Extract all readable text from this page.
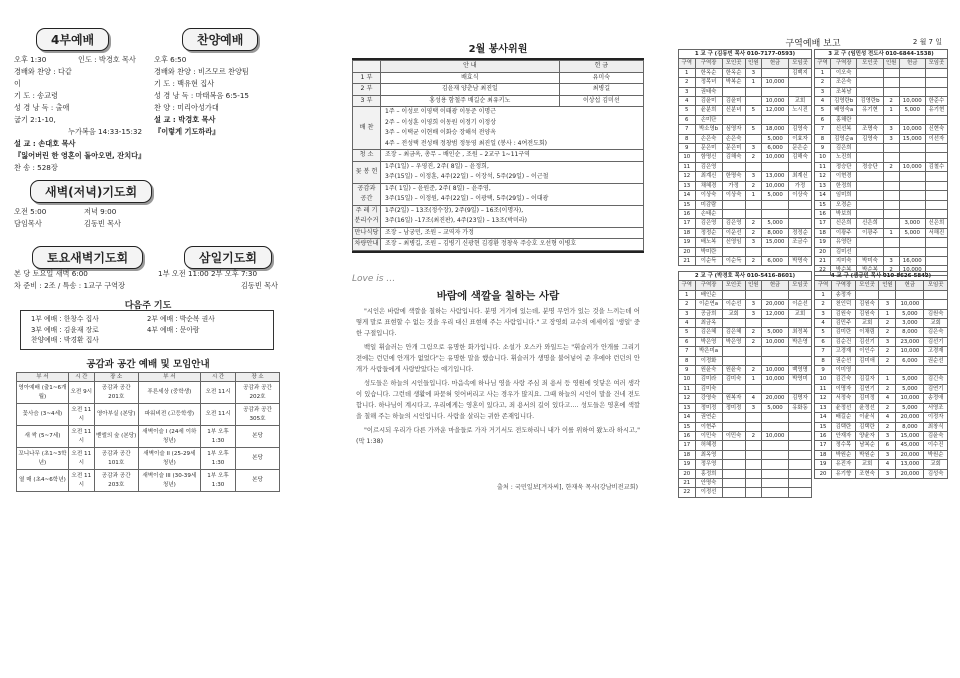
4부예배
오후 1:30	인도 : 박경호 목사
경배와 찬양 : 다같이
기 도 : 송교령
성 경 낭 독 : 출애굽기 2:1-10,
누가복음 14:33-15:32
설 교 : 손대호 목사
『잃어버린 한 영혼이 돌아오면, 잔치다』
찬 송 : 528장
찬양예배
오후 6:50
경배와 찬양 : 비즈모르 찬양팀
기 도 : 백유현 집사
성 경 낭 독 : 마태복음 6:5-15
찬 양 : 미리아성가대
설 교 : 박경호 목사
『이렇게 기도하라』
새벽(저녁)기도회
오전 5:00	저녁 9:00
담임목사	김동빈 목사
토요새벽기도회	삼일기도회
본 당 토요일 새벽 6:00
차 준비 : 2조 / 특송 : 1교구 구역장
1부 오전 11:00 2부 오후 7:30
김동빈 목사
다음주 기도
1부 예배 : 한창수 집사	2부 예배 : 박순복 권사
3부 예배 : 김윤재 장로	4부 예배 : 문아람
찬양예배 : 박경환 집사
공감과 공간 예배 및 모임안내
부 서	시 간	장 소	부 서	시 간	장 소
영아예배 (출1~6개월)	오전 9시	공감과 공간 201호	푸른세상 (중학생)	오전 11시	공감과 공간 202호
꽃사슴 (3~4세)	오전 11시	영아부실 (본당)	파워비전 (고등학생)	오전 11시	공감과 공간 305호
새 싹 (5~7세)	오전 11시	벧엘의 숲 (본당)	새벽이슬 I (24세 이하 청년)	1부 오후 1:30	본당
꼬니나무 (초1~3학년)	오전 11시	공감과 공간 101호	새벽이슬 II (25-29세 청년)	1부 오후 1:30	본당
열 매 (초4~6학년)	오전 11시	공감과 공간 203호	새벽이슬 III (30-39세 청년)	1부 오후 1:30	본당
2월 봉사위원
	안 내	헌 금
1 부	배효식	유미숙
2 부	김윤재 양춘남 최진일	최병길
3 부	홍성용 함철주 배길순 최유키노	이상섭 김미선
배 찬	1주 – 이성로 이영택 이태광 이동준 이명근
2주 – 이성훈 이영희 이동원 이정기 이정상
3주 – 이택균 이현배 이화승 장해석 전양옥
4주 – 전성택 전성배 정창범 정동영 최진일 (봉사 : 4여전도회)	

청 소	조장 – 최금옥, 총무 – 배인순 , 조원 – 2교구 1~11구역	

꽃 봉 헌	1주(1일) – 우영진, 2주( 8일) – 윤정희,
3주(15일) – 이정훈, 4주(22일) – 이장석, 5주(29일) – 이근철	

공감과 공간	1주( 1일) – 윤원준, 2주( 8일) – 윤주영,
3주(15일) – 이정원, 4주(22일) – 이광택, 5주(29일) – 이대광	

주 레 기 분리수거	1주(2일) – 13조(정수장), 2주(9일) – 16조(이명자),
3주(16일) –17조(최진판), 4주(23일) – 13조(박미라)	

만나식당	조장 – 남궁민, 조원 – 교역자 가정	

차량안내	조장 – 최병길, 조원 – 김병기 신광현 김경환 정창욱 주승호 오선형 이병호	
Love is …
바람에 색깔을 칠하는 사람

"시인은 바람에 색깔을 칠하는 사람입니다. 분명 거기에 있는데, 분명 무언가 있는 것을 느끼는데 어떻게 말로 표현할 수 없는 것을 우리 대신 표현해 주는 사람입니다." 고 장영희 교수의 에세이집 '생일' 중 한 구절입니다.

백일 휘슬러는 안개 그림으로 유명한 화가입니다. 소설가 오스카 와일드는 "휘슬러가 안개를 그리기 전에는 런던에 안개가 없었다"는 유명한 말을 했습니다. 휘슬러가 생명을 불어넣어 준 후에야 런던의 안개가 사람들에게 사랑받았다는 얘기입니다.

성도들은 하늘의 시인들입니다. 마음속에 하나님 영을 사랑 주심 죄 용서 등 영원에 잇닿은 여러 생각이 있습니다. 그런데 생활에 파묻혀 잊어버리고 사는 경우가 많지요. 그때 하늘의 시인이 말을 건네 전도합니다. 하나님이 계시다고, 우리에게는 영혼이 있다고, 죄 용서의 길이 있다고…. 성도들은 영혼에 색깔을 칠해 주는 하늘의 시인입니다. 사람을 살리는 귀한 존재입니다.

"이르시되 우리가 다른 가까운 마을들로 가자 거기서도 전도하리니 내가 이를 위하여 왔노라 하시고," (막 1:38)

출처 : 국민일보[겨자씨], 한재욱 목사(강남비전교회)
구역예배 보고	2 월 7 일
1 교 구 (김동빈 목사 010-7177-0593)					
구역	구역장	모인곳	인원	헌금	모임곳
1	한옥순	한옥순	3		김백지
2	정목녀	박복순	1	10,000	
3	권태숙				
4	김윤미	김윤미		10,000	교회
5	윤분희	신분녀	5	12,000	노시진
6	손미단				
7	박소영b	심영자	5	18,000	김영숙
8	손은숙	손은숙		5,000	이효자
9	문은미	문은미	3	6,000	문은순
10	함명신	김해숙	2	10,000	김해숙
11	김은영				
12	최계신	한명숙	3	13,000	최계신
13	채혜경	가정	2	10,000	가정
14	이상숙	이상숙	1	5,000	이상숙
15	미감람				
16	손태순				
17	김은영	김은영	2	5,000	
18	정정순	이운선	2	8,000	정정순
19	배노복	신영임	3	15,000	조금수
20	박미란				
21	이순득	이순득	2	6,000	박명숙
3 교 구 (임민성 전도사 010-6844-1538)					
구역	구역장	모인곳	인원	헌금	모임곳
1	이오숙				
2	조은숙				
3	조복남				
4	김영란b	김영란b	2	10,000	한준수
5	배영숙a	유기현	1	5,000	유기현
6	홍해란				
7	신선복	조명숙	3	10,000	신현숙
8	김영순a	김영숙	3	15,000	이선자
9	김은희				
10	노진희				
11	정승단	정승단	2	10,000	김철수
12	이현경				
13	한정희				
14	임미희				
15	오경순				
16	박보희				
17	신은희	신은희		3,000	신은희
18	이광주	이광주	1	5,000	서해진
19	유영란				
20	김미선				
21	지미숙	박미숙	3	16,000	
22	박순복	박순복	2	10,000	
2 교 구 (박경호 목사 010-5416-8601)					
구역	구역장	모인곳	인원	헌금	모임곳
1	배인순				
2	이순연a	이순선	3	20,000	이순선
3	공금희	교회	3	12,000	교회
4	최금옥				
5	김은혜	김은혜	2	5,000	최정복
6	박은영	박은영	2	10,000	박은영
7	박은미a				
8	이정화				
9	원윤숙	원윤숙	2	10,000	백영명
10	김미라	김미숙	1	10,000	박영미
11	김미숙				
12	강영숙	원복자	4	20,000	김명자
13	정미정	정미정	3	5,000	유화동
14	권연순				
15	이현주				
16	이민숙	이민숙	2	10,000	
17	허혜경				
18	최옥영				
19	정우영				
20	홍정희				
21	안명숙				
22	이정선				
4 교 구 (심궁민 목사 010-8626-5842)					
구역	구역장	모인곳	인원	헌금	모임곳
1	송정자				
2	천인덕	김원숙	3	10,000	
3	김원숙	김원숙	1	5,000	김원숙
4	김민주	교회	2	3,000	교회
5	김미란	이채림	2	8,000	김은숙
6	김순건	김선기	3	23,000	김선기
7	고경재	이인수	2	10,000	고경재
8	권순선	김미애	2	6,000	권순선
9	이미영				
10	김긴숙	김길자	1	5,000	김긴숙
11	이명자	김연기	2	5,000	김연기
12	서정숙	김미정	4	10,000	송정애
13	윤정선	윤정선	2	5,000	서영조
14	배길순	이윤식	4	20,000	이정자
15	김택란	김택란	2	8,000	최창식
16	안재자	양윤자	3	15,000	김윤숙
17	정수목	남복순	6	45,000	이수진
18	박원순	박원순	3	20,000	박원순
19	유진자	교회	4	13,000	교회
20	유기향	조현숙	3	20,000	김성숙
